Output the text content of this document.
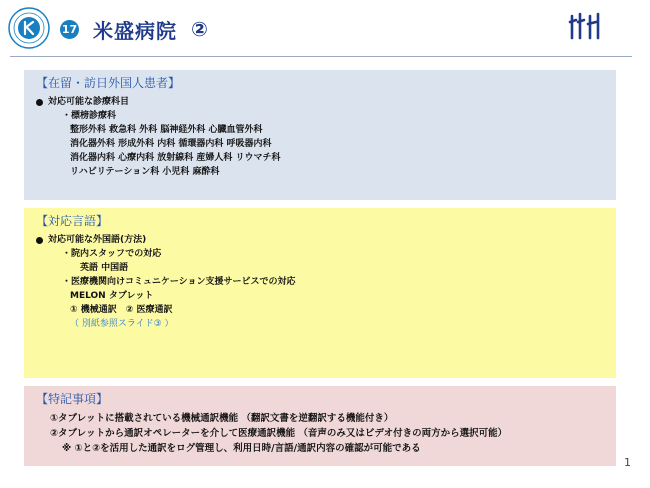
17 米盛病院 ②
【在留・訪日外国人患者】
対応可能な診療科目
・標榜診療科
整形外科 救急科 外科 脳神経外科 心臓血管外科
消化器外科 形成外科 内科 循環器内科 呼吸器内科
消化器内科 心療内科 放射線科 産婦人科 リウマチ科
リハビリテーション科 小児科 麻酔科
【対応言語】
対応可能な外国語(方法)
・院内スタッフでの対応
英語 中国語
・医療機関向けコミュニケーション支援サービスでの対応
MELON タブレット
① 機械通訳　② 医療通訳
（ 別紙参照スライド③ ）
【特記事項】
①タブレットに搭載されている機械通訳機能 （翻訳文書を逆翻訳する機能付き）
②タブレットから通訳オペレーターを介して医療通訳機能 （音声のみ又はビデオ付きの両方から選択可能）
※ ①と②を活用した通訳をログ管理し、利用日時/言語/通訳内容の確認が可能である
1
